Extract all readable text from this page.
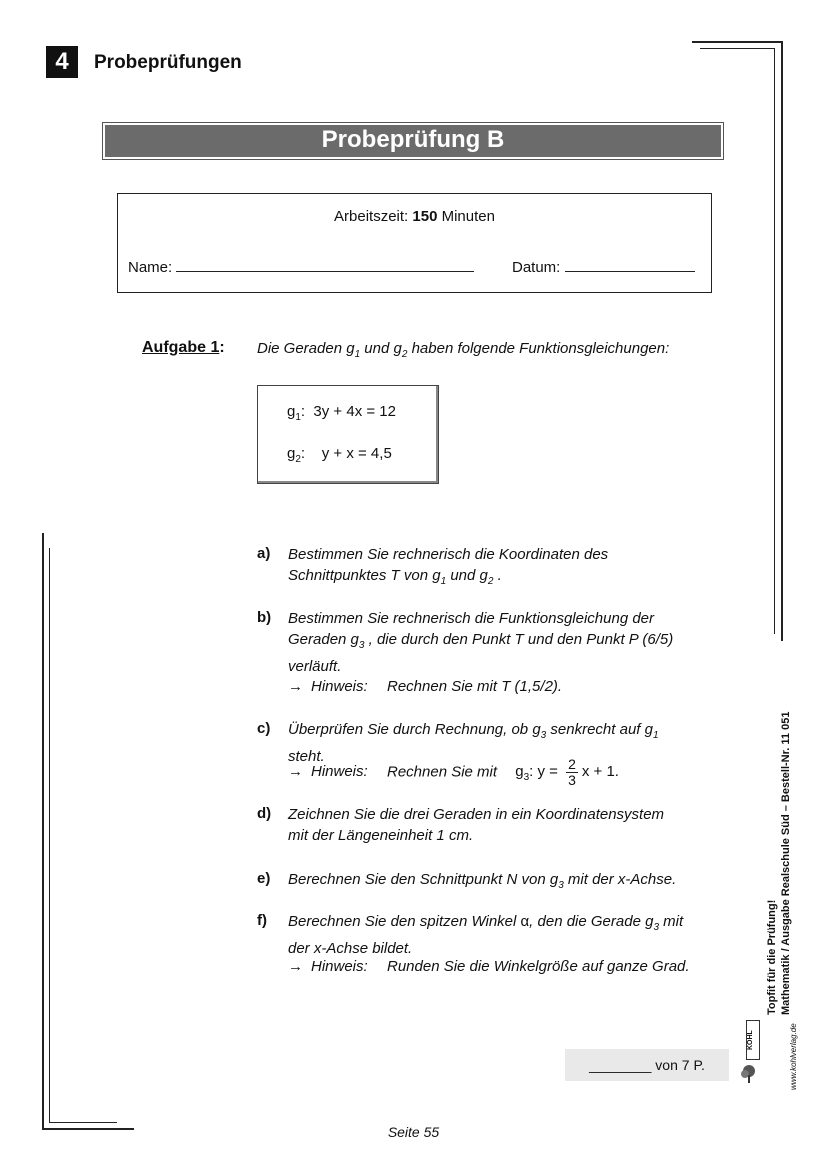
4	Probeprüfungen
Probeprüfung B
Arbeitszeit: 150 Minuten
Name:	Datum:
Aufgabe 1: Die Geraden $g_1$ und $g_2$ haben folgende Funktionsgleichungen:
$g_1$:  3y + 4x = 12
$g_2$:    y + x = 4,5
a) Bestimmen Sie rechnerisch die Koordinaten des
Schnittpunktes T von $g_1$ und $g_2$ .
b) Bestimmen Sie rechnerisch die Funktionsgleichung der
Geraden $g_3$ , die durch den Punkt T und den Punkt P (6/5)
verläuft.
→ Hinweis: Rechnen Sie mit T (1,5/2).
c) Überprüfen Sie durch Rechnung, ob $g_3$ senkrecht auf $g_1$
steht.
→ Hinweis: Rechnen Sie mit $g_3$: $y = \frac{2}{3}$ x + 1.
d) Zeichnen Sie die drei Geraden in ein Koordinatensystem
mit der Längeneinheit 1 cm.
e) Berechnen Sie den Schnittpunkt N von $g_3$ mit der x-Achse.
f) Berechnen Sie den spitzen Winkel α, den die Gerade $g_3$ mit
der x-Achse bildet.
→ Hinweis: Runden Sie die Winkelgröße auf ganze Grad.
________ von 7 P.
Seite 55
Topfit für die Prüfung! Mathematik / Ausgabe Realschule Süd – Bestell-Nr. 11 051
www.kohlverlag.de
KOHL
